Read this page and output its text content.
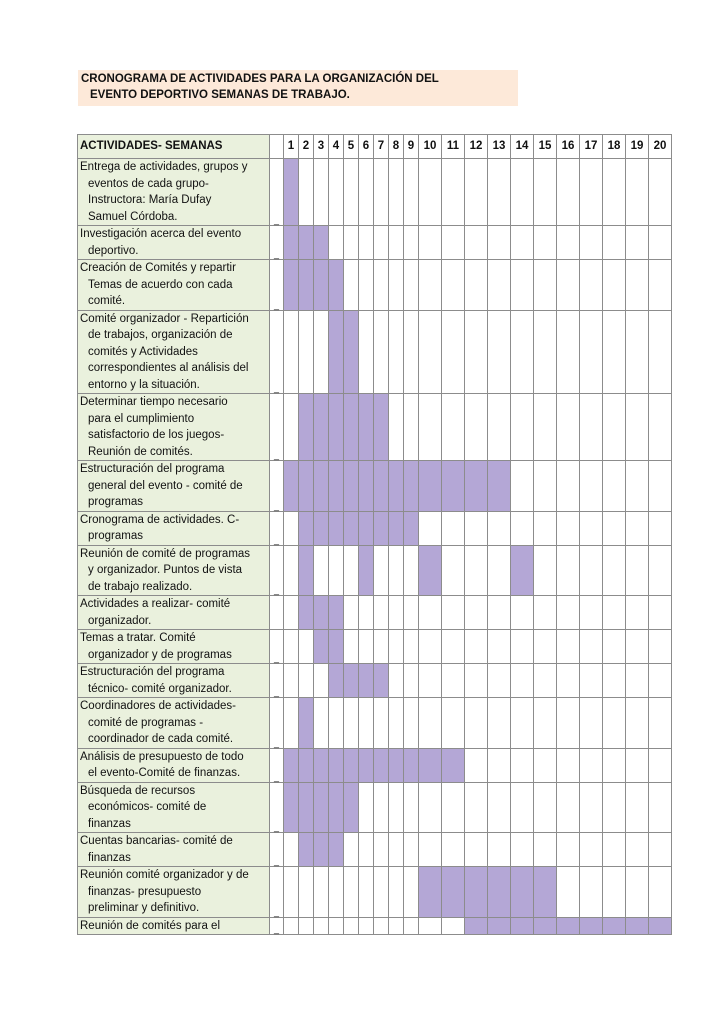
CRONOGRAMA DE ACTIVIDADES PARA LA ORGANIZACIÓN DEL
EVENTO DEPORTIVO SEMANAS DE TRABAJO.
ACTIVIDADES- SEMANAS		1	2	3	4	5	6	7	8	9	10	11	12	13	14	15	16	17	18	19	20

Entrega de actividades, grupos y
eventos de cada grupo-
Instructora: María Dufay
Samuel Córdoba.	_																				

Investigación acerca del evento
deportivo.	_																				

Creación de Comités y repartir
Temas de acuerdo con cada
comité.	_																				

Comité organizador - Repartición
de trabajos, organización de
comités y Actividades
correspondientes al análisis del
entorno y la situación.	_																				

Determinar tiempo necesario
para el cumplimiento
satisfactorio de los juegos-
Reunión de comités.	_																				

Estructuración del programa
general del evento - comité de
programas	_																				

Cronograma de actividades. C-
programas	_																				

Reunión de comité de programas
y organizador. Puntos de vista
de trabajo realizado.	_																				

Actividades a realizar- comité
organizador.																					

Temas a tratar. Comité
organizador y de programas	_																				

Estructuración del programa
técnico- comité organizador.	_																				

Coordinadores de actividades-
comité de programas -
coordinador de cada comité.	_																				

Análisis de presupuesto de todo
el evento-Comité de finanzas.	_																				

Búsqueda de recursos
económicos- comité de
finanzas	_																				

Cuentas bancarias- comité de
finanzas	_																				

Reunión comité organizador y de
finanzas- presupuesto
preliminar y definitivo.	_																				

Reunión de comités para el	_																				
